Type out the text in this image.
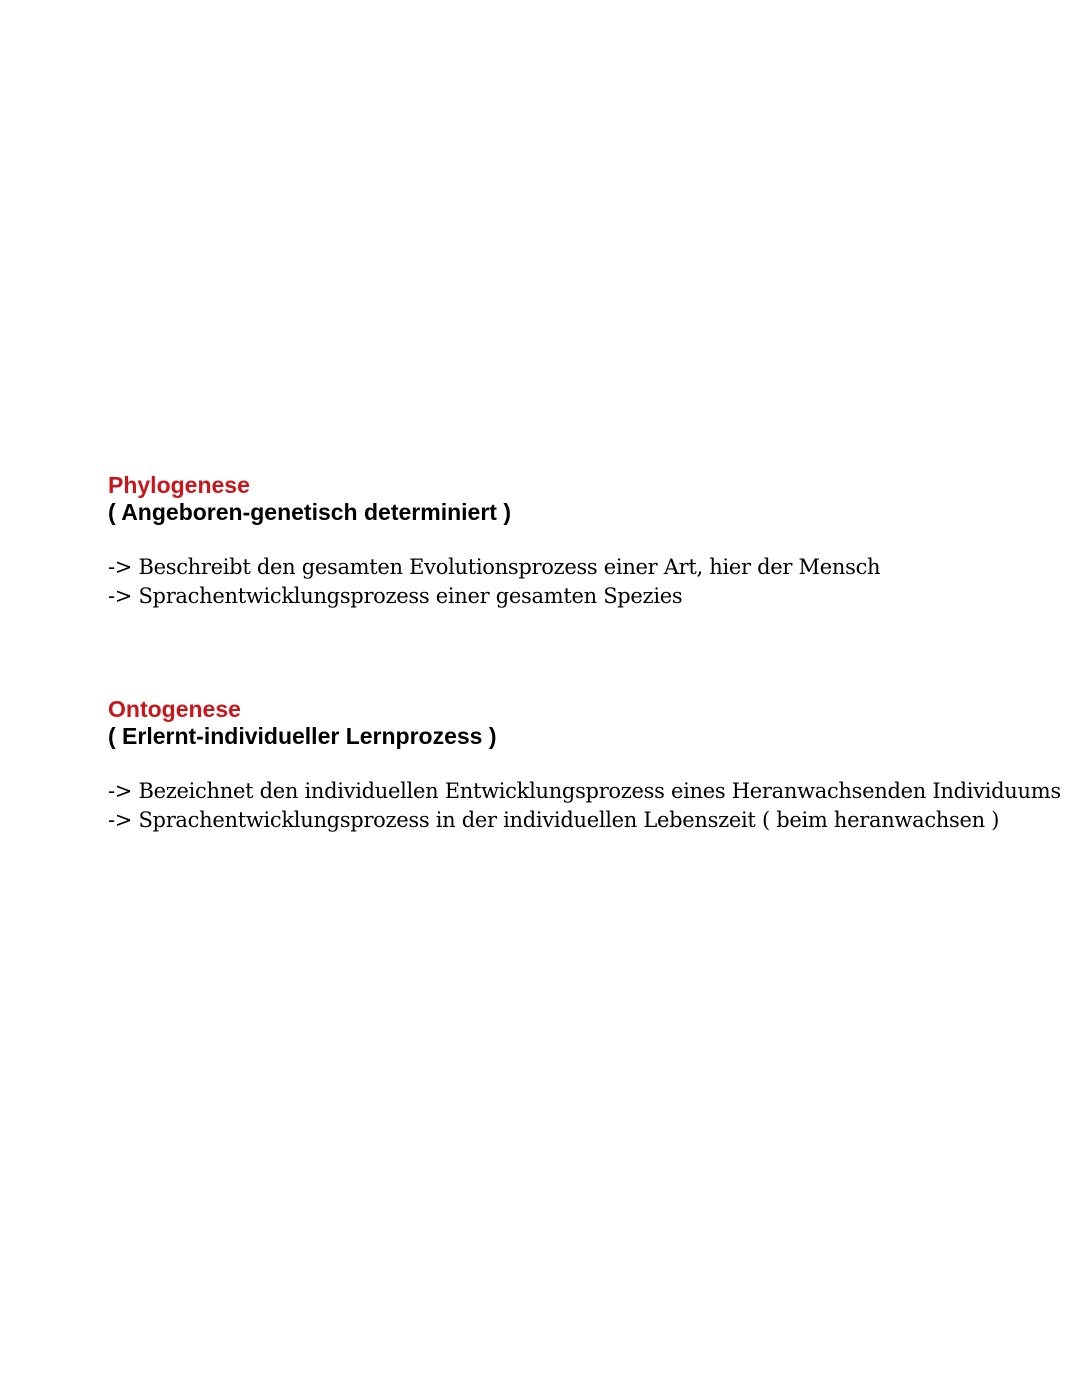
Phylogenese

( Angeboren-genetisch determiniert )

-> Beschreibt den gesamten Evolutionsprozess einer Art, hier der Mensch

-> Sprachentwicklungsprozess einer gesamten Spezies

Ontogenese

( Erlernt-individueller Lernprozess )

-> Bezeichnet den individuellen Entwicklungsprozess eines Heranwachsenden Individuums

-> Sprachentwicklungsprozess in der individuellen Lebenszeit ( beim heranwachsen )
